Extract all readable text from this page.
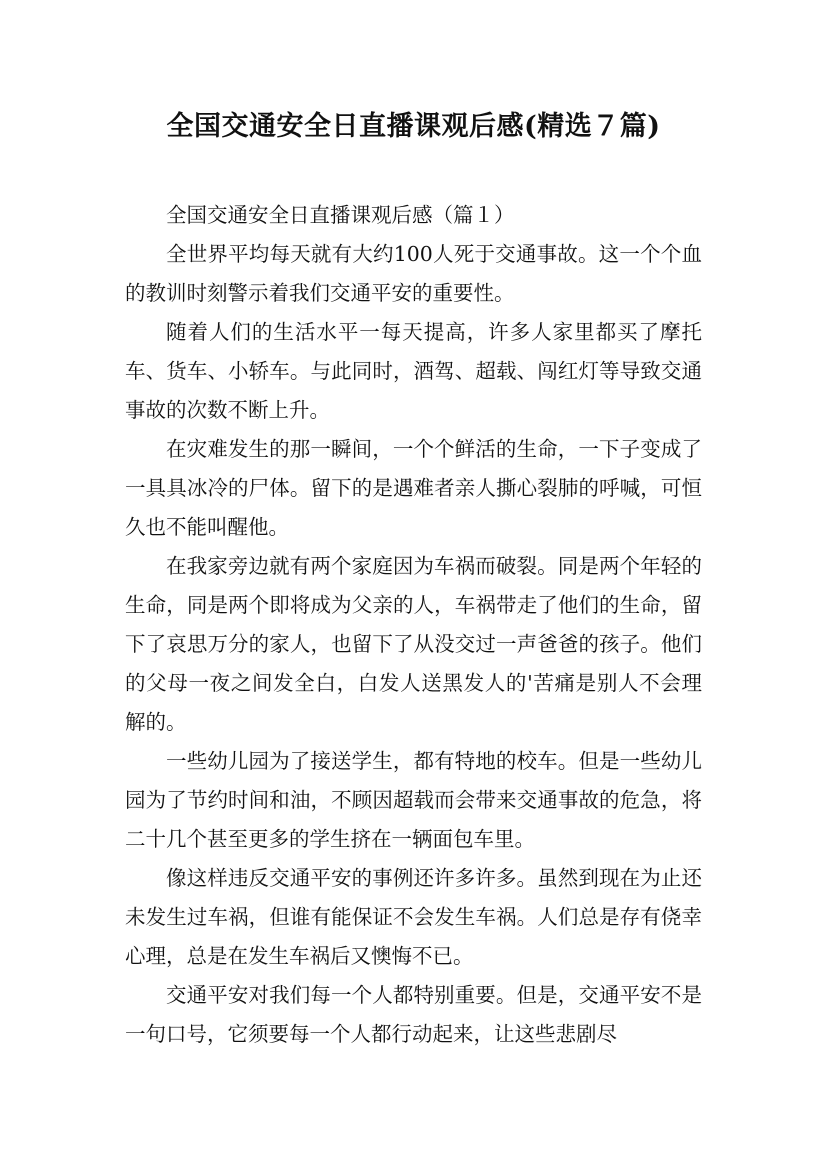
全国交通安全日直播课观后感(精选７篇)
全国交通安全日直播课观后感（篇１）

全世界平均每天就有大约100人死于交通事故。这一个个血的教训时刻警示着我们交通平安的重要性。

随着人们的生活水平一每天提高，许多人家里都买了摩托车、货车、小轿车。与此同时，酒驾、超载、闯红灯等导致交通事故的次数不断上升。

在灾难发生的那一瞬间，一个个鲜活的生命，一下子变成了一具具冰冷的尸体。留下的是遇难者亲人撕心裂肺的呼喊，可恒久也不能叫醒他。

在我家旁边就有两个家庭因为车祸而破裂。同是两个年轻的生命，同是两个即将成为父亲的人，车祸带走了他们的生命，留下了哀思万分的家人，也留下了从没交过一声爸爸的孩子。他们的父母一夜之间发全白，白发人送黑发人的'苦痛是别人不会理解的。

一些幼儿园为了接送学生，都有特地的校车。但是一些幼儿园为了节约时间和油，不顾因超载而会带来交通事故的危急，将二十几个甚至更多的学生挤在一辆面包车里。

像这样违反交通平安的事例还许多许多。虽然到现在为止还未发生过车祸，但谁有能保证不会发生车祸。人们总是存有侥幸心理，总是在发生车祸后又懊悔不已。

交通平安对我们每一个人都特别重要。但是，交通平安不是一句口号，它须要每一个人都行动起来，让这些悲剧尽
